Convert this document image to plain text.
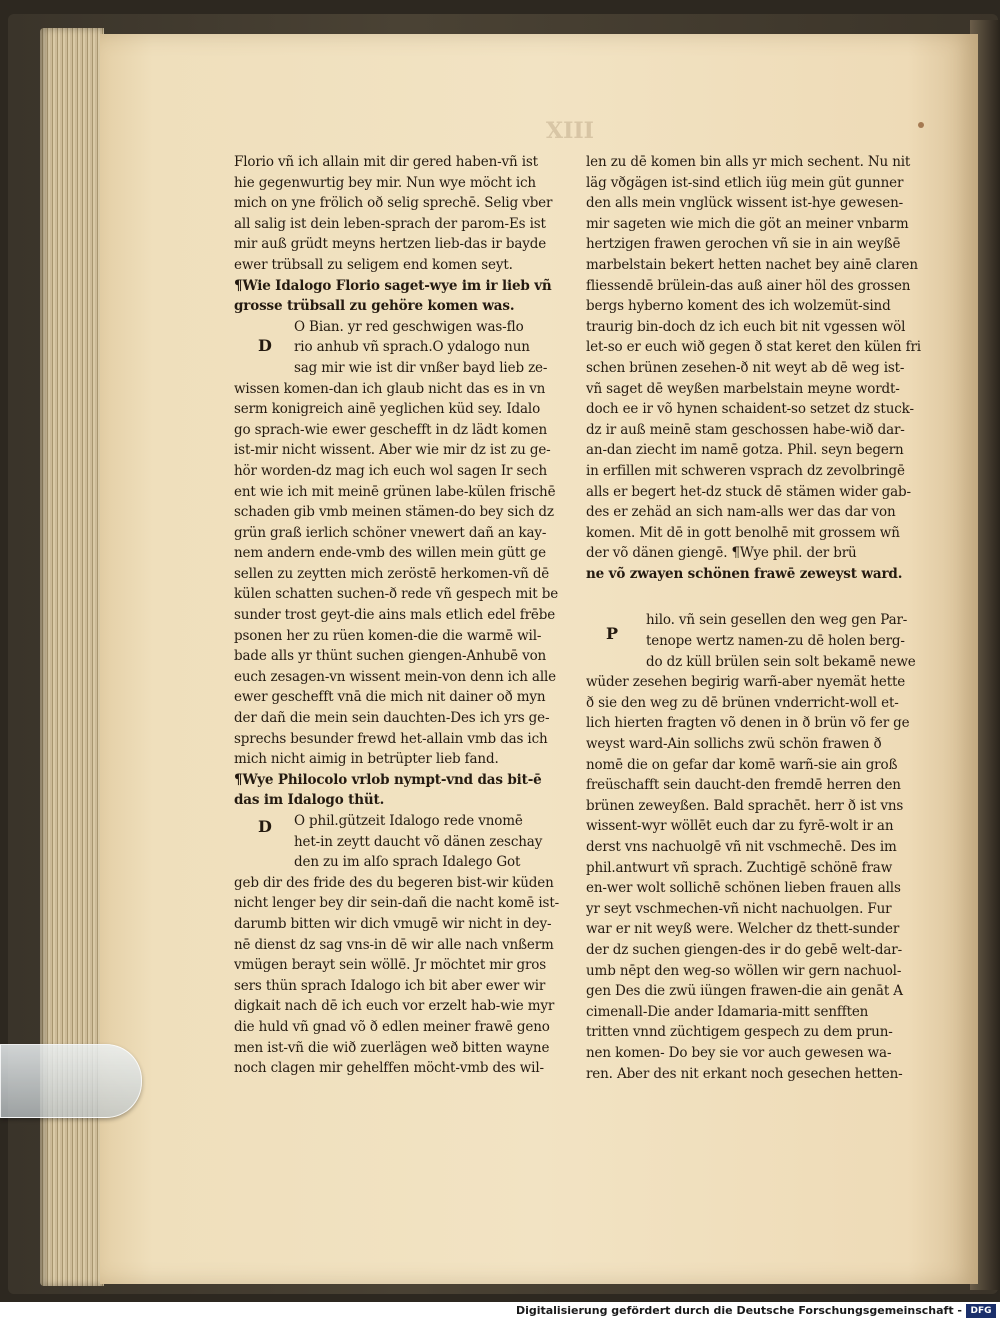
XIII
Florio vñ ich allain mit dir gered haben-vñ ist
hie gegenwurtig bey mir. Nun wye möcht ich
mich on yne frölich oð selig sprechē. Selig vber
all salig ist dein leben-sprach der parom-Es ist
mir auß grüdt meyns hertzen lieb-das ir bayde
ewer trübsall zu seligem end komen seyt.
¶Wie Idalogo Florio saget-wye im ir lieb vñ
grosse trübsall zu gehöre komen was.
O Bian. yr red geschwigen was-flo
rio anhub vñ sprach.O ydalogo nun
sag mir wie ist dir vnßer bayd lieb ze-
wissen komen-dan ich glaub nicht das es in vn
serm konigreich ainē yeglichen küd sey. Idalo
go sprach-wie ewer geschefft in dz lädt komen
ist-mir nicht wissent. Aber wie mir dz ist zu ge-
hör worden-dz mag ich euch wol sagen Ir sech
ent wie ich mit meinē grünen labe-külen frischē
schaden gib vmb meinen stämen-do bey sich dz
grün graß ierlich schöner vnewert dañ an kay-
nem andern ende-vmb des willen mein gütt ge
sellen zu zeytten mich zeröstē herkomen-vñ dē
külen schatten suchen-ð rede vñ gespech mit be
sunder trost geyt-die ains mals etlich edel frēbe
psonen her zu rüen komen-die die warmē wil-
bade alls yr thünt suchen giengen-Anhubē von
euch zesagen-vn wissent mein-von denn ich alle
ewer geschefft vnā die mich nit dainer oð myn
der dañ die mein sein dauchten-Des ich yrs ge-
sprechs besunder frewd het-allain vmb das ich
mich nicht aimig in betrüpter lieb fand.
¶Wye Philocolo vrlob nympt-vnd das bit-ē
das im Idalogo thüt.
O phil.gützeit Idalogo rede vnomē
het-in zeytt daucht võ dänen zeschay
den zu im alſo sprach Idalego Got
geb dir des fride des du begeren bist-wir küden
nicht lenger bey dir sein-dañ die nacht komē ist-
darumb bitten wir dich vmugē wir nicht in dey-
nē dienst dz sag vns-in dē wir alle nach vnßerm
vmügen berayt sein wöllē. Jr möchtet mir gros
sers thün sprach Idalogo ich bit aber ewer wir
digkait nach dē ich euch vor erzelt hab-wie myr
die huld vñ gnad võ ð edlen meiner frawē geno
men ist-vñ die wið zuerlägen weð bitten wayne
noch clagen mir gehelffen möcht-vmb des wil-
len zu dē komen bin alls yr mich sechent. Nu nit
läg vðgägen ist-sind etlich iüg mein güt gunner
den alls mein vnglück wissent ist-hye gewesen-
mir sageten wie mich die göt an meiner vnbarm
hertzigen frawen gerochen vñ sie in ain weyßē
marbelstain bekert hetten nachet bey ainē claren
fliessendē brülein-das auß ainer höl des grossen
bergs hyberno koment des ich wolzemüt-sind
traurig bin-doch dz ich euch bit nit vgessen wöl
let-so er euch wið gegen ð stat keret den külen fri
schen brünen zesehen-ð nit weyt ab dē weg ist-
vñ saget dē weyßen marbelstain meyne wordt-
doch ee ir võ hynen schaident-so setzet dz stuck-
dz ir auß meinē stam geschossen habe-wið dar-
an-dan ziecht im namē gotza. Phil. seyn begern
in erfillen mit schweren vsprach dz zevolbringē
alls er begert het-dz stuck dē stämen wider gab-
des er zehäd an sich nam-alls wer das dar von
komen. Mit dē in gott benolhē mit grossem wñ
der võ dänen giengē. ¶Wye phil. der brü
ne võ zwayen schönen frawē zeweyst ward.
hilo. vñ sein gesellen den weg gen Par-
tenope wertz namen-zu dē holen berg-
do dz küll brülen sein solt bekamē newe
wüder zesehen begirig warñ-aber nyemät hette
ð sie den weg zu dē brünen vnderricht-woll et-
lich hierten fragten võ denen in ð brün võ fer ge
weyst ward-Ain sollichs zwü schön frawen ð
nomē die on gefar dar komē warñ-sie ain groß
freüschafft sein daucht-den fremdē herren den
brünen zeweyßen. Bald sprachēt. herr ð ist vns
wissent-wyr wöllēt euch dar zu fyrē-wolt ir an
derst vns nachuolgē vñ nit vschmechē. Des im
phil.antwurt vñ sprach. Zuchtigē schönē fraw
en-wer wolt sollichē schönen lieben frauen alls
yr seyt vschmechen-vñ nicht nachuolgen. Fur
war er nit weyß were. Welcher dz thett-sunder
der dz suchen giengen-des ir do gebē welt-dar-
umb nēpt den weg-so wöllen wir gern nachuol-
gen Des die zwü iüngen frawen-die ain genāt A
cimenall-Die ander Idamaria-mitt senfften
tritten vnnd züchtigem gespech zu dem prun-
nen komen- Do bey sie vor auch gewesen wa-
ren. Aber des nit erkant noch gesechen hetten-
D
D
P
Digitalisierung gefördert durch die Deutsche Forschungsgemeinschaft - DFG
